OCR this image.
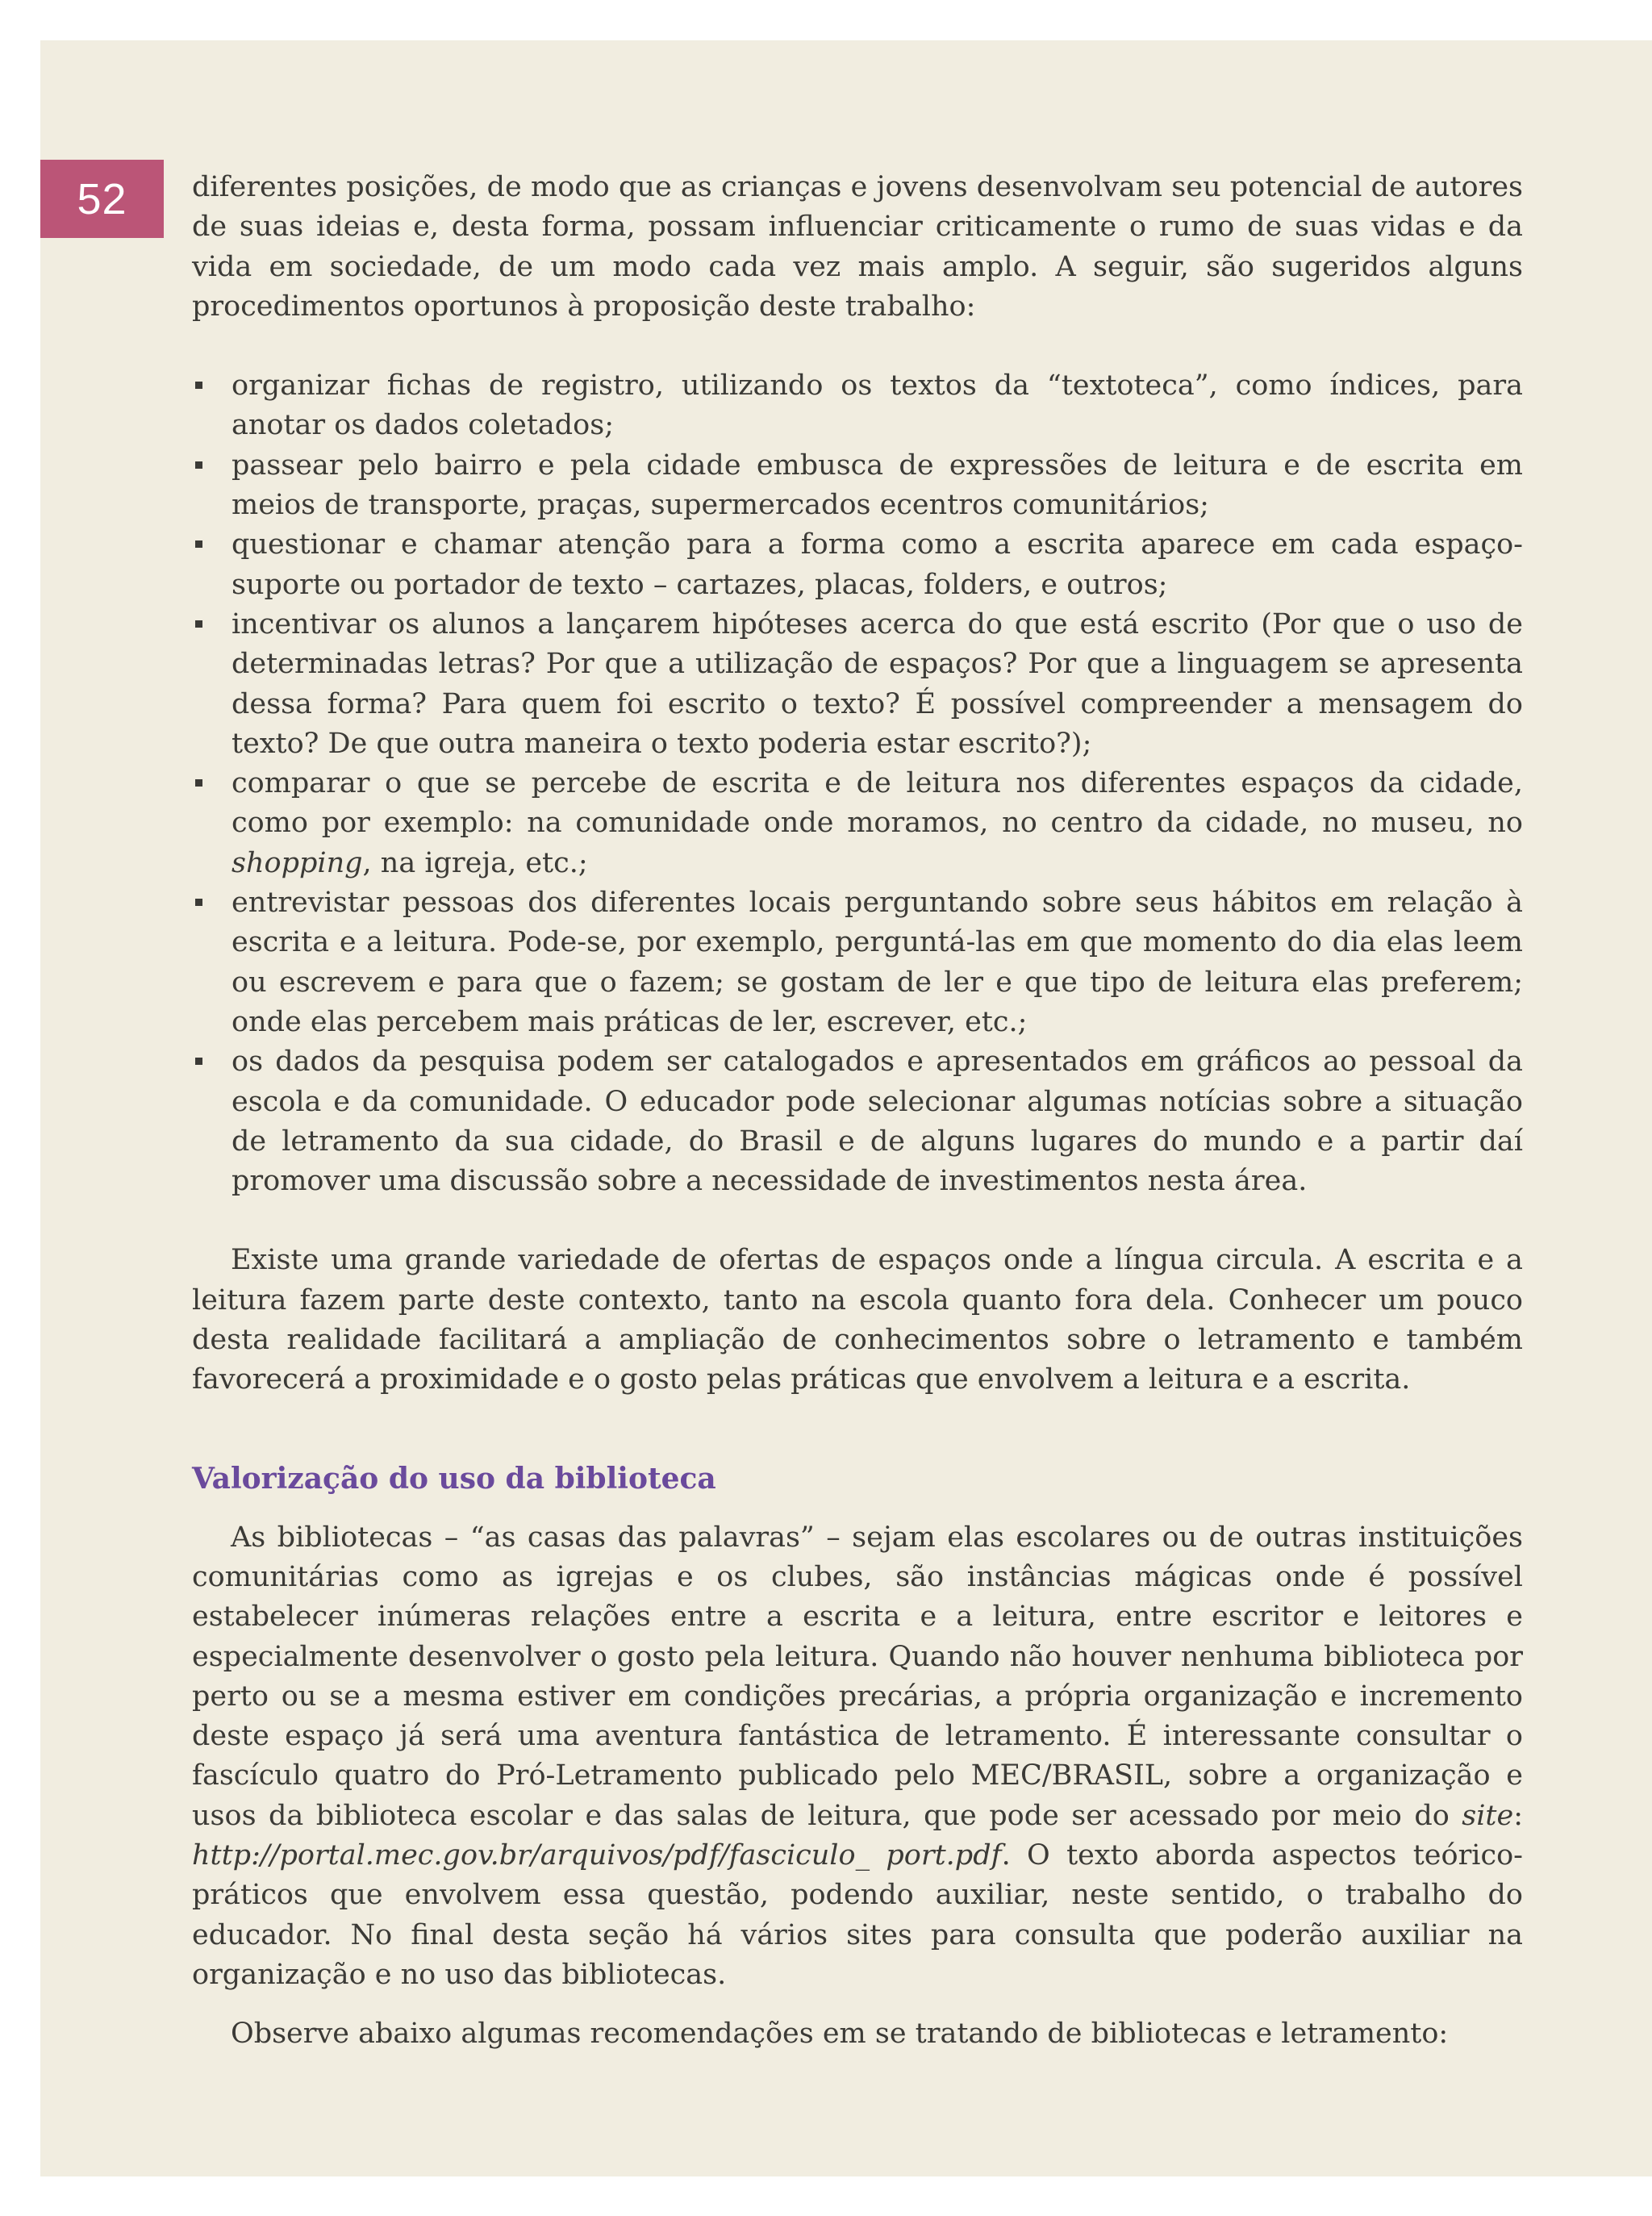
52 diferentes posições, de modo que as crianças e jovens desenvolvam seu potencial de autores de suas ideias e, desta forma, possam influenciar criticamente o rumo de suas vidas e da vida em sociedade, de um modo cada vez mais amplo. A seguir, são sugeridos alguns procedimentos oportunos à proposição deste trabalho:

organizar fichas de registro, utilizando os textos da “textoteca”, como índices, para anotar os dados coletados;
passear pelo bairro e pela cidade embusca de expressões de leitura e de escrita em meios de transporte, praças, supermercados ecentros comunitários;
questionar e chamar atenção para a forma como a escrita aparece em cada espaço-suporte ou portador de texto – cartazes, placas, folders, e outros;
incentivar os alunos a lançarem hipóteses acerca do que está escrito (Por que o uso de determinadas letras? Por que a utilização de espaços? Por que a linguagem se apresenta dessa forma? Para quem foi escrito o texto? É possível compreender a mensagem do texto? De que outra maneira o texto poderia estar escrito?);
comparar o que se percebe de escrita e de leitura nos diferentes espaços da cidade, como por exemplo: na comunidade onde moramos, no centro da cidade, no museu, no shopping, na igreja, etc.;
entrevistar pessoas dos diferentes locais perguntando sobre seus hábitos em relação à escrita e a leitura. Pode-se, por exemplo, perguntá-las em que momento do dia elas leem ou escrevem e para que o fazem; se gostam de ler e que tipo de leitura elas preferem; onde elas percebem mais práticas de ler, escrever, etc.;
os dados da pesquisa podem ser catalogados e apresentados em gráficos ao pessoal da escola e da comunidade. O educador pode selecionar algumas notícias sobre a situação de letramento da sua cidade, do Brasil e de alguns lugares do mundo e a partir daí promover uma discussão sobre a necessidade de investimentos nesta área.

Existe uma grande variedade de ofertas de espaços onde a língua circula. A escrita e a leitura fazem parte deste contexto, tanto na escola quanto fora dela. Conhecer um pouco desta realidade facilitará a ampliação de conhecimentos sobre o letramento e também favorecerá a proximidade e o gosto pelas práticas que envolvem a leitura e a escrita.

Valorização do uso da biblioteca

As bibliotecas – “as casas das palavras” – sejam elas escolares ou de outras instituições comunitárias como as igrejas e os clubes, são instâncias mágicas onde é possível estabelecer inúmeras relações entre a escrita e a leitura, entre escritor e leitores e especialmente desenvolver o gosto pela leitura. Quando não houver nenhuma biblioteca por perto ou se a mesma estiver em condições precárias, a própria organização e incremento deste espaço já será uma aventura fantástica de letramento. É interessante consultar o fascículo quatro do Pró-Letramento publicado pelo MEC/BRASIL, sobre a organização e usos da biblioteca escolar e das salas de leitura, que pode ser acessado por meio do site: http://portal.mec.gov.br/arquivos/pdf/fasciculo_ port.pdf. O texto aborda aspectos teórico-práticos que envolvem essa questão, podendo auxiliar, neste sentido, o trabalho do educador. No final desta seção há vários sites para consulta que poderão auxiliar na organização e no uso das bibliotecas.

Observe abaixo algumas recomendações em se tratando de bibliotecas e letramento:
